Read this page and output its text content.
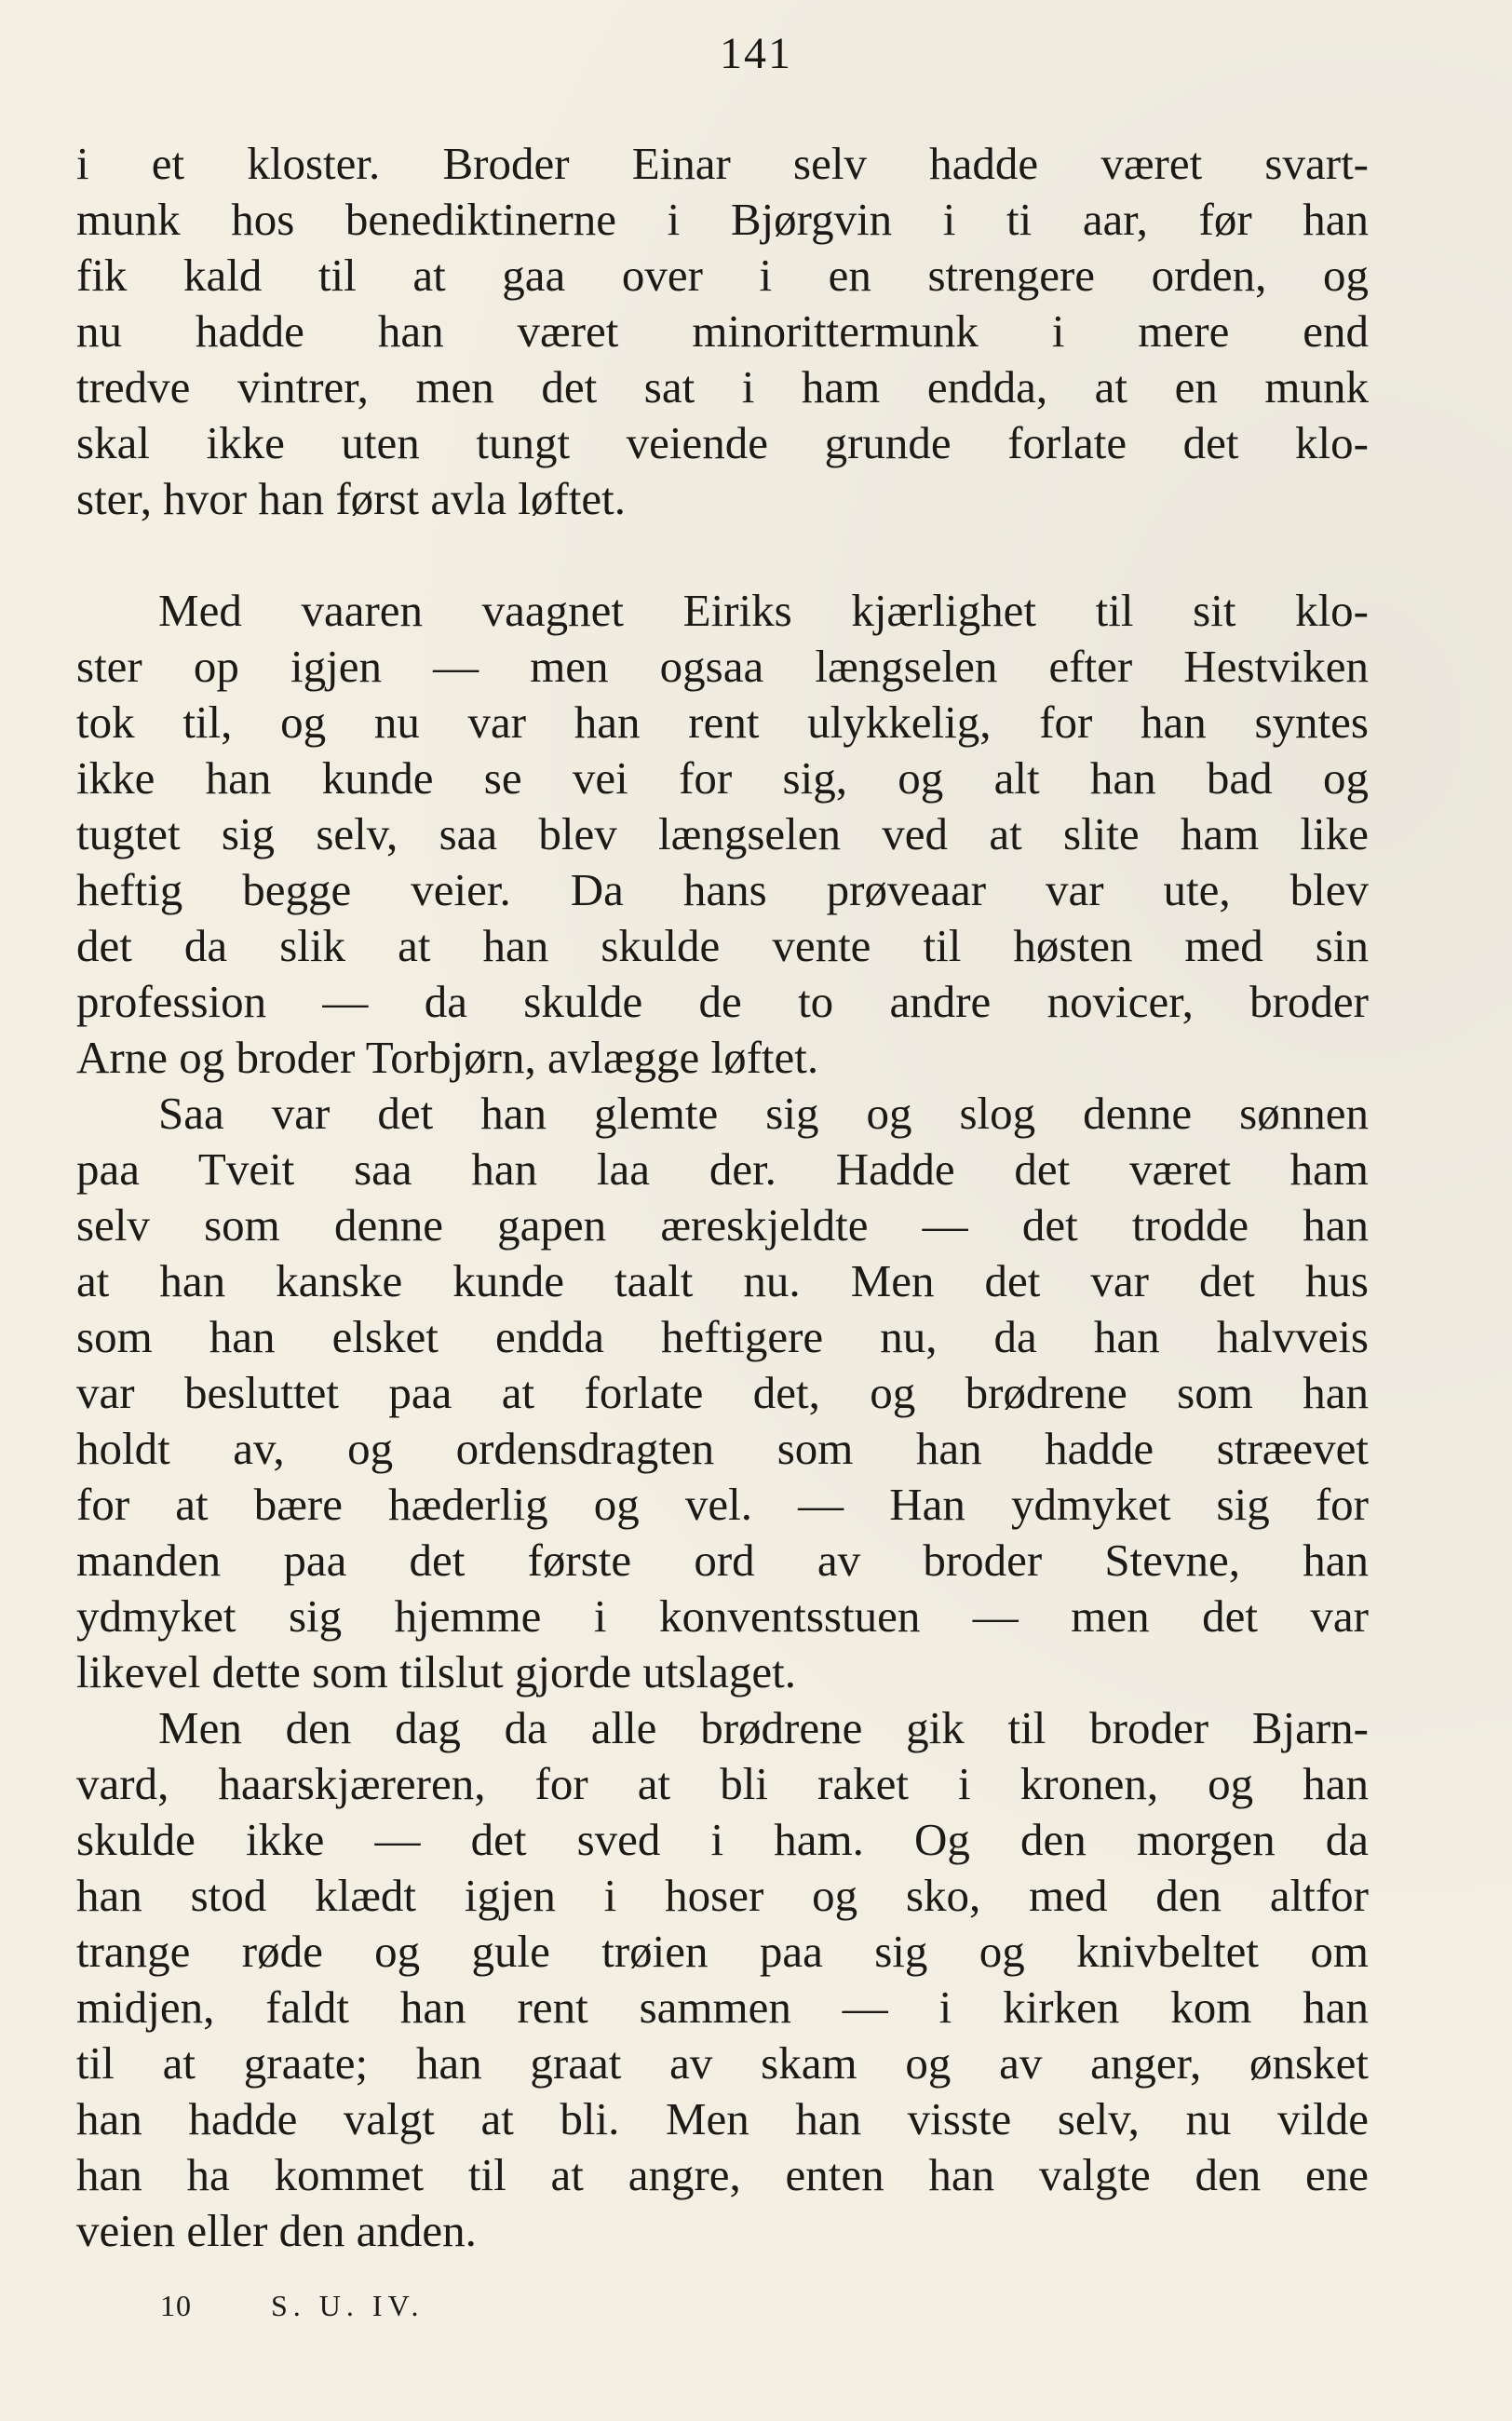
141
i et kloster. Broder Einar selv hadde været svart-
munk hos benediktinerne i Bjørgvin i ti aar, før han
fik kald til at gaa over i en strengere orden, og
nu hadde han været minorittermunk i mere end
tredve vintrer, men det sat i ham endda, at en munk
skal ikke uten tungt veiende grunde forlate det klo-
ster, hvor han først avla løftet.
Med vaaren vaagnet Eiriks kjærlighet til sit klo-
ster op igjen — men ogsaa længselen efter Hestviken
tok til, og nu var han rent ulykkelig, for han syntes
ikke han kunde se vei for sig, og alt han bad og
tugtet sig selv, saa blev længselen ved at slite ham like
heftig begge veier. Da hans prøveaar var ute, blev
det da slik at han skulde vente til høsten med sin
profession — da skulde de to andre novicer, broder
Arne og broder Torbjørn, avlægge løftet.
Saa var det han glemte sig og slog denne sønnen
paa Tveit saa han laa der. Hadde det været ham
selv som denne gapen æreskjeldte — det trodde han
at han kanske kunde taalt nu. Men det var det hus
som han elsket endda heftigere nu, da han halvveis
var besluttet paa at forlate det, og brødrene som han
holdt av, og ordensdragten som han hadde stræevet
for at bære hæderlig og vel. — Han ydmyket sig for
manden paa det første ord av broder Stevne, han
ydmyket sig hjemme i konventsstuen — men det var
likevel dette som tilslut gjorde utslaget.
Men den dag da alle brødrene gik til broder Bjarn-
vard, haarskjæreren, for at bli raket i kronen, og han
skulde ikke — det sved i ham. Og den morgen da
han stod klædt igjen i hoser og sko, med den altfor
trange røde og gule trøien paa sig og knivbeltet om
midjen, faldt han rent sammen — i kirken kom han
til at graate; han graat av skam og av anger, ønsket
han hadde valgt at bli. Men han visste selv, nu vilde
han ha kommet til at angre, enten han valgte den ene
veien eller den anden.
10	S. U. IV.
